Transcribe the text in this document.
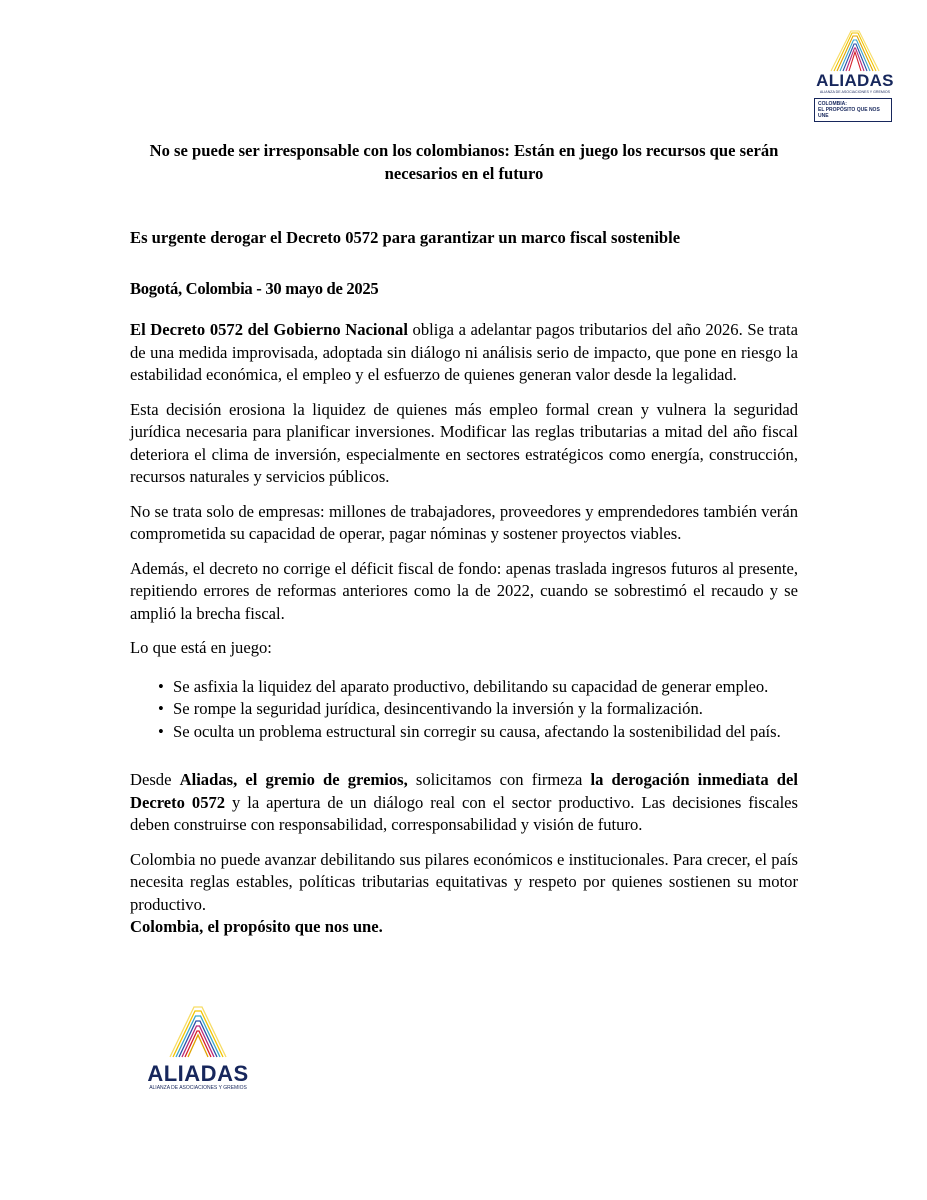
ALIADAS
ALIANZA DE ASOCIACIONES Y GREMIOS
COLOMBIA:
EL PROPÓSITO QUE NOS UNE

No se puede ser irresponsable con los colombianos: Están en juego los recursos que serán necesarios en el futuro

Es urgente derogar el Decreto 0572 para garantizar un marco fiscal sostenible

Bogotá, Colombia - 30 mayo de 2025

El Decreto 0572 del Gobierno Nacional obliga a adelantar pagos tributarios del año 2026. Se trata de una medida improvisada, adoptada sin diálogo ni análisis serio de impacto, que pone en riesgo la estabilidad económica, el empleo y el esfuerzo de quienes generan valor desde la legalidad.

Esta decisión erosiona la liquidez de quienes más empleo formal crean y vulnera la seguridad jurídica necesaria para planificar inversiones. Modificar las reglas tributarias a mitad del año fiscal deteriora el clima de inversión, especialmente en sectores estratégicos como energía, construcción, recursos naturales y servicios públicos.

No se trata solo de empresas: millones de trabajadores, proveedores y emprendedores también verán comprometida su capacidad de operar, pagar nóminas y sostener proyectos viables.

Además, el decreto no corrige el déficit fiscal de fondo: apenas traslada ingresos futuros al presente, repitiendo errores de reformas anteriores como la de 2022, cuando se sobrestimó el recaudo y se amplió la brecha fiscal.

Lo que está en juego:

• Se asfixia la liquidez del aparato productivo, debilitando su capacidad de generar empleo.
• Se rompe la seguridad jurídica, desincentivando la inversión y la formalización.
• Se oculta un problema estructural sin corregir su causa, afectando la sostenibilidad del país.

Desde Aliadas, el gremio de gremios, solicitamos con firmeza la derogación inmediata del Decreto 0572 y la apertura de un diálogo real con el sector productivo. Las decisiones fiscales deben construirse con responsabilidad, corresponsabilidad y visión de futuro.

Colombia no puede avanzar debilitando sus pilares económicos e institucionales. Para crecer, el país necesita reglas estables, políticas tributarias equitativas y respeto por quienes sostienen su motor productivo.

Colombia, el propósito que nos une.

ALIADAS
ALIANZA DE ASOCIACIONES Y GREMIOS
